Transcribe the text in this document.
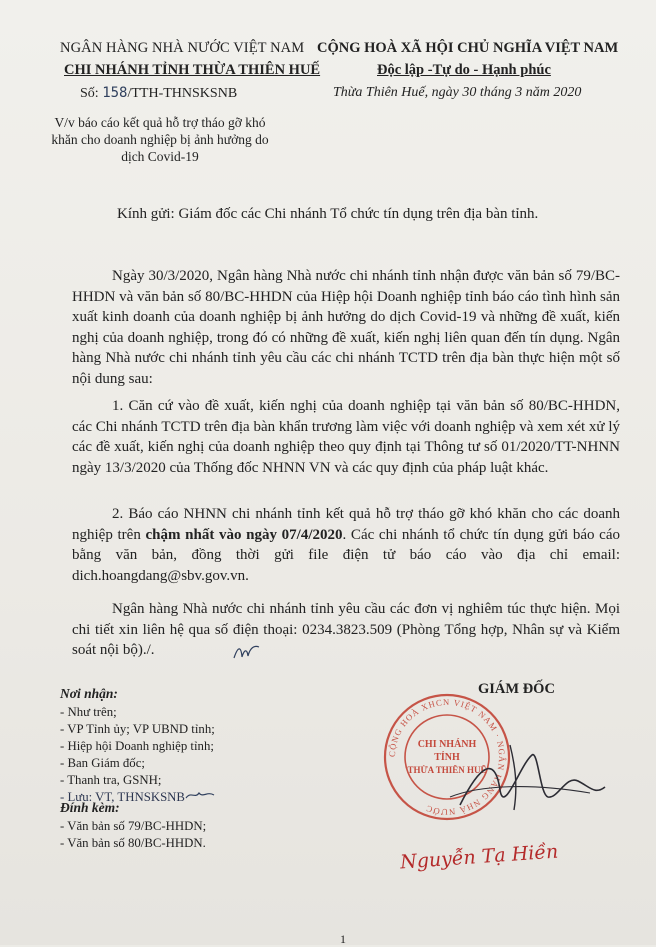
NGÂN HÀNG NHÀ NƯỚC VIỆT NAM
CHI NHÁNH TỈNH THỪA THIÊN HUẾ
Số: 158/TTH-THNSKSNB
CỘNG HOÀ XÃ HỘI CHỦ NGHĨA VIỆT NAM
Độc lập -Tự do - Hạnh phúc
Thừa Thiên Huế, ngày 30 tháng 3 năm 2020
V/v báo cáo kết quả hỗ trợ tháo gỡ khó khăn cho doanh nghiệp bị ảnh hưởng do dịch Covid-19
Kính gửi: Giám đốc các Chi nhánh Tổ chức tín dụng trên địa bàn tỉnh.
Ngày 30/3/2020, Ngân hàng Nhà nước chi nhánh tỉnh nhận được văn bản số 79/BC-HHDN và văn bản số 80/BC-HHDN của Hiệp hội Doanh nghiệp tỉnh báo cáo tình hình sản xuất kinh doanh của doanh nghiệp bị ảnh hưởng do dịch Covid-19 và những đề xuất, kiến nghị của doanh nghiệp, trong đó có những đề xuất, kiến nghị liên quan đến tín dụng. Ngân hàng Nhà nước chi nhánh tỉnh yêu cầu các chi nhánh TCTD trên địa bàn thực hiện một số nội dung sau:
1. Căn cứ vào đề xuất, kiến nghị của doanh nghiệp tại văn bản số 80/BC-HHDN, các Chi nhánh TCTD trên địa bàn khẩn trương làm việc với doanh nghiệp và xem xét xử lý các đề xuất, kiến nghị của doanh nghiệp theo quy định tại Thông tư số 01/2020/TT-NHNN ngày 13/3/2020 của Thống đốc NHNN VN và các quy định của pháp luật khác.
2. Báo cáo NHNN chi nhánh tỉnh kết quả hỗ trợ tháo gỡ khó khăn cho các doanh nghiệp trên chậm nhất vào ngày 07/4/2020. Các chi nhánh tổ chức tín dụng gửi báo cáo bằng văn bản, đồng thời gửi file điện tử báo cáo vào địa chỉ email: dich.hoangdang@sbv.gov.vn.
Ngân hàng Nhà nước chi nhánh tỉnh yêu cầu các đơn vị nghiêm túc thực hiện. Mọi chi tiết xin liên hệ qua số điện thoại: 0234.3823.509 (Phòng Tổng hợp, Nhân sự và Kiểm soát nội bộ)./.
Nơi nhận:
- Như trên;
- VP Tỉnh ủy; VP UBND tỉnh;
- Hiệp hội Doanh nghiệp tỉnh;
- Ban Giám đốc;
- Thanh tra, GSNH;
- Lưu: VT, THNSKSNB
Đính kèm:
- Văn bản số 79/BC-HHDN;
- Văn bản số 80/BC-HHDN.
GIÁM ĐỐC
CỘNG HOÀ XHCN VIỆT NAM · NGÂN HÀNG NHÀ NƯỚC
CHI NHÁNH
TỈNH
THỪA THIÊN HUẾ
Nguyễn Tạ Hiền
1
